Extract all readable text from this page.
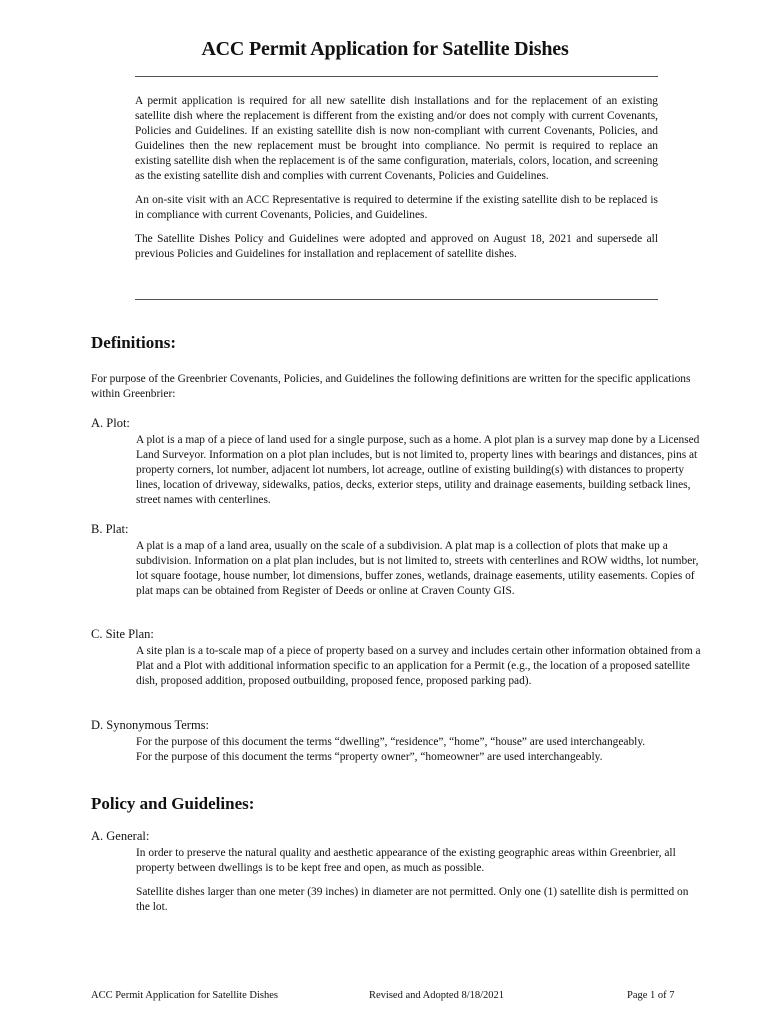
ACC Permit Application for Satellite Dishes

A permit application is required for all new satellite dish installations and for the replacement of an existing satellite dish where the replacement is different from the existing and/or does not comply with current Covenants, Policies and Guidelines. If an existing satellite dish is now non-compliant with current Covenants, Policies, and Guidelines then the new replacement must be brought into compliance. No permit is required to replace an existing satellite dish when the replacement is of the same configuration, materials, colors, location, and screening as the existing satellite dish and complies with current Covenants, Policies and Guidelines.

An on-site visit with an ACC Representative is required to determine if the existing satellite dish to be replaced is in compliance with current Covenants, Policies, and Guidelines.

The Satellite Dishes Policy and Guidelines were adopted and approved on August 18, 2021 and supersede all previous Policies and Guidelines for installation and replacement of satellite dishes.

Definitions:
For purpose of the Greenbrier Covenants, Policies, and Guidelines the following definitions are written for the specific applications within Greenbrier:
A. Plot:
A plot is a map of a piece of land used for a single purpose, such as a home. A plot plan is a survey map done by a Licensed Land Surveyor. Information on a plot plan includes, but is not limited to, property lines with bearings and distances, pins at property corners, lot number, adjacent lot numbers, lot acreage, outline of existing building(s) with distances to property lines, location of driveway, sidewalks, patios, decks, exterior steps, utility and drainage easements, building setback lines, street names with centerlines.
B. Plat:
A plat is a map of a land area, usually on the scale of a subdivision. A plat map is a collection of plots that make up a subdivision. Information on a plat plan includes, but is not limited to, streets with centerlines and ROW widths, lot number, lot square footage, house number, lot dimensions, buffer zones, wetlands, drainage easements, utility easements. Copies of plat maps can be obtained from Register of Deeds or online at Craven County GIS.
C. Site Plan:
A site plan is a to-scale map of a piece of property based on a survey and includes certain other information obtained from a Plat and a Plot with additional information specific to an application for a Permit (e.g., the location of a proposed satellite dish, proposed addition, proposed outbuilding, proposed fence, proposed parking pad).
D. Synonymous Terms:
For the purpose of this document the terms “dwelling”, “residence”, “home”, “house” are used interchangeably.
For the purpose of this document the terms “property owner”, “homeowner” are used interchangeably.
Policy and Guidelines:
A. General:

In order to preserve the natural quality and aesthetic appearance of the existing geographic areas within Greenbrier, all property between dwellings is to be kept free and open, as much as possible.

Satellite dishes larger than one meter (39 inches) in diameter are not permitted. Only one (1) satellite dish is permitted on the lot.

ACC Permit Application for Satellite Dishes	Revised and Adopted 8/18/2021	Page 1 of 7
